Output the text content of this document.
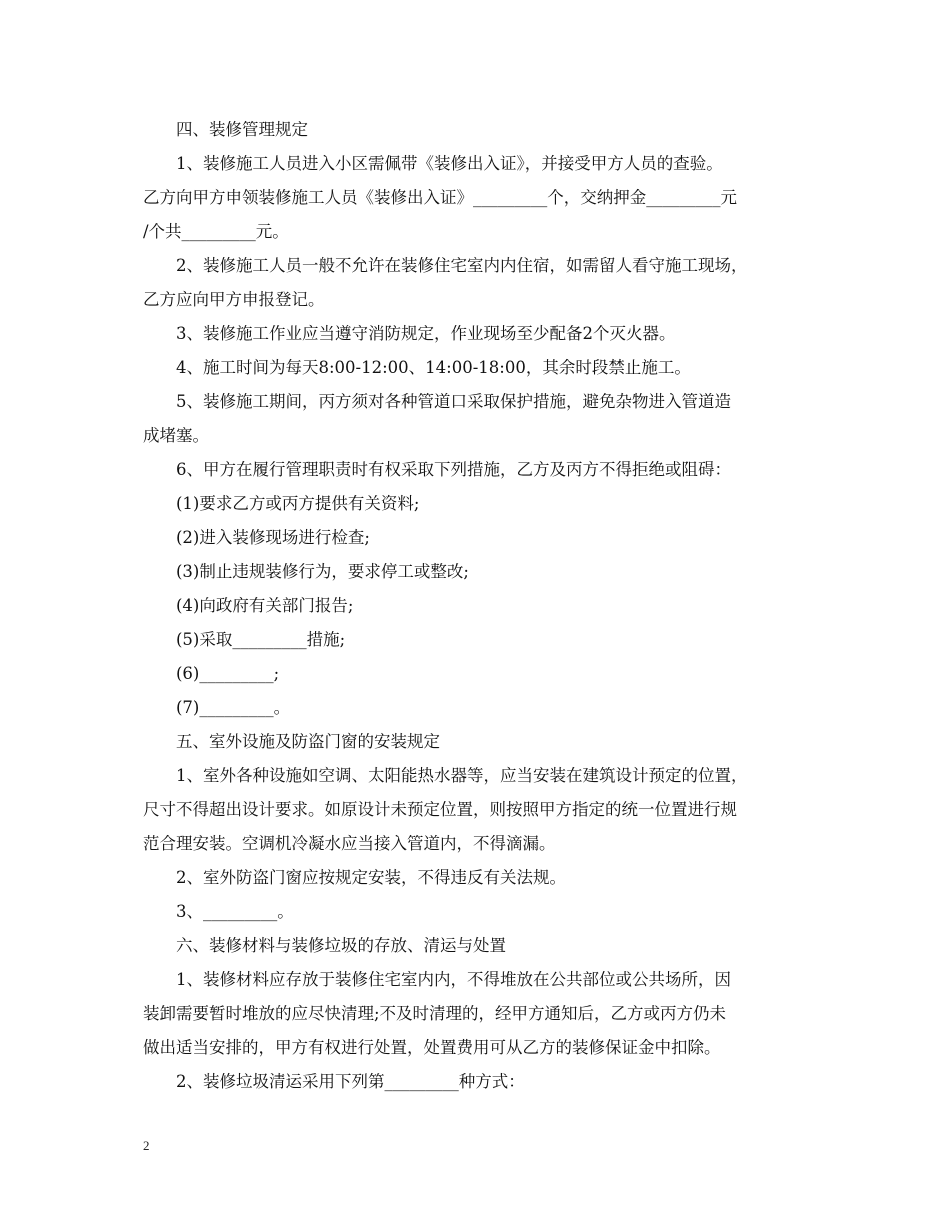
四、装修管理规定

1、装修施工人员进入小区需佩带《装修出入证》，并接受甲方人员的查验。

乙方向甲方申领装修施工人员《装修出入证》_________个，交纳押金_________元

/个共_________元。

2、装修施工人员一般不允许在装修住宅室内内住宿，如需留人看守施工现场，

乙方应向甲方申报登记。

3、装修施工作业应当遵守消防规定，作业现场至少配备2个灭火器。

4、施工时间为每天8:00-12:00、14:00-18:00，其余时段禁止施工。

5、装修施工期间，丙方须对各种管道口采取保护措施，避免杂物进入管道造

成堵塞。

6、甲方在履行管理职责时有权采取下列措施，乙方及丙方不得拒绝或阻碍：

(1)要求乙方或丙方提供有关资料;

(2)进入装修现场进行检查;

(3)制止违规装修行为，要求停工或整改;

(4)向政府有关部门报告;

(5)采取_________措施;

(6)_________;

(7)_________。

五、室外设施及防盗门窗的安装规定

1、室外各种设施如空调、太阳能热水器等，应当安装在建筑设计预定的位置，

尺寸不得超出设计要求。如原设计未预定位置，则按照甲方指定的统一位置进行规

范合理安装。空调机冷凝水应当接入管道内，不得滴漏。

2、室外防盗门窗应按规定安装，不得违反有关法规。

3、_________。

六、装修材料与装修垃圾的存放、清运与处置

1、装修材料应存放于装修住宅室内内，不得堆放在公共部位或公共场所，因

装卸需要暂时堆放的应尽快清理;不及时清理的，经甲方通知后，乙方或丙方仍未

做出适当安排的，甲方有权进行处置，处置费用可从乙方的装修保证金中扣除。

2、装修垃圾清运采用下列第_________种方式：

2
